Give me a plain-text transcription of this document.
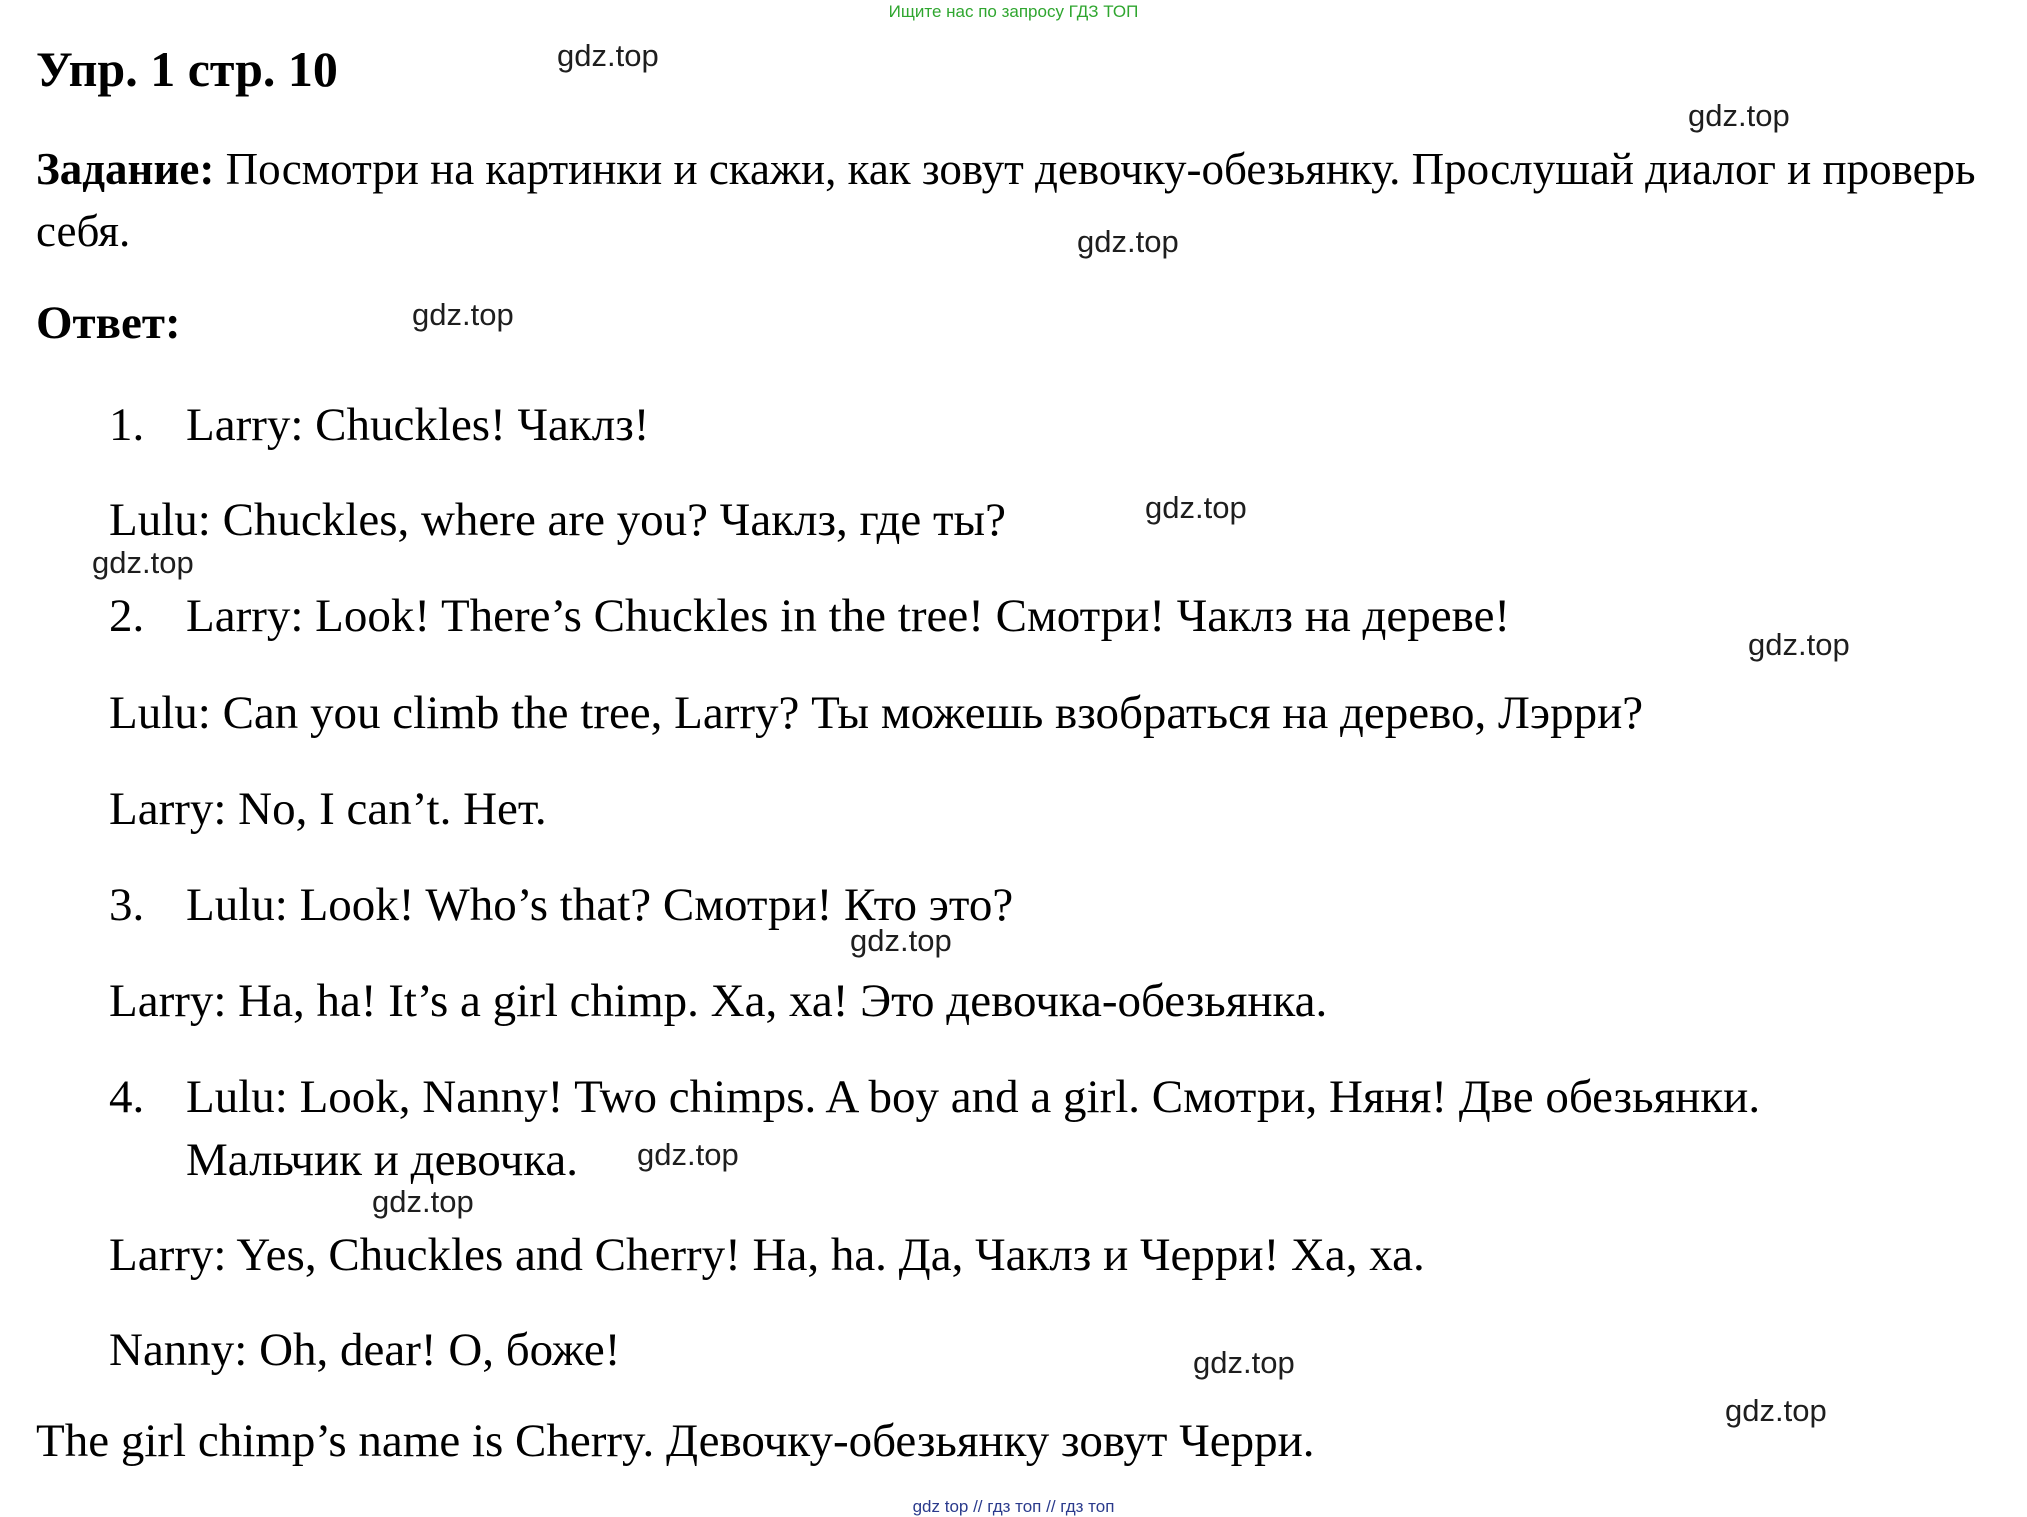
Ищите нас по запросу ГДЗ ТОП
Упр. 1 стр. 10
Задание: Посмотри на картинки и скажи, как зовут девочку-обезьянку. Прослушай диалог и проверь себя.
Ответ:
1. Larry: Chuckles! Чаклз!
Lulu: Chuckles, where are you? Чаклз, где ты?
2. Larry: Look! There’s Chuckles in the tree! Смотри! Чаклз на дереве!
Lulu: Can you climb the tree, Larry? Ты можешь взобраться на дерево, Лэрри?
Larry: No, I can’t. Нет.
3. Lulu: Look! Who’s that? Смотри! Кто это?
Larry: Ha, ha! It’s a girl chimp. Ха, ха! Это девочка-обезьянка.
4. Lulu: Look, Nanny! Two chimps. A boy and a girl. Смотри, Няня! Две обезьянки.
Мальчик и девочка.
Larry: Yes, Chuckles and Cherry! Ha, ha. Да, Чаклз и Черри! Ха, ха.
Nanny: Oh, dear! О, боже!
The girl chimp’s name is Cherry. Девочку-обезьянку зовут Черри.
gdz.top
gdz.top
gdz.top
gdz.top
gdz.top
gdz.top
gdz.top
gdz.top
gdz.top
gdz.top
gdz.top
gdz.top
gdz top // гдз топ // гдз топ
